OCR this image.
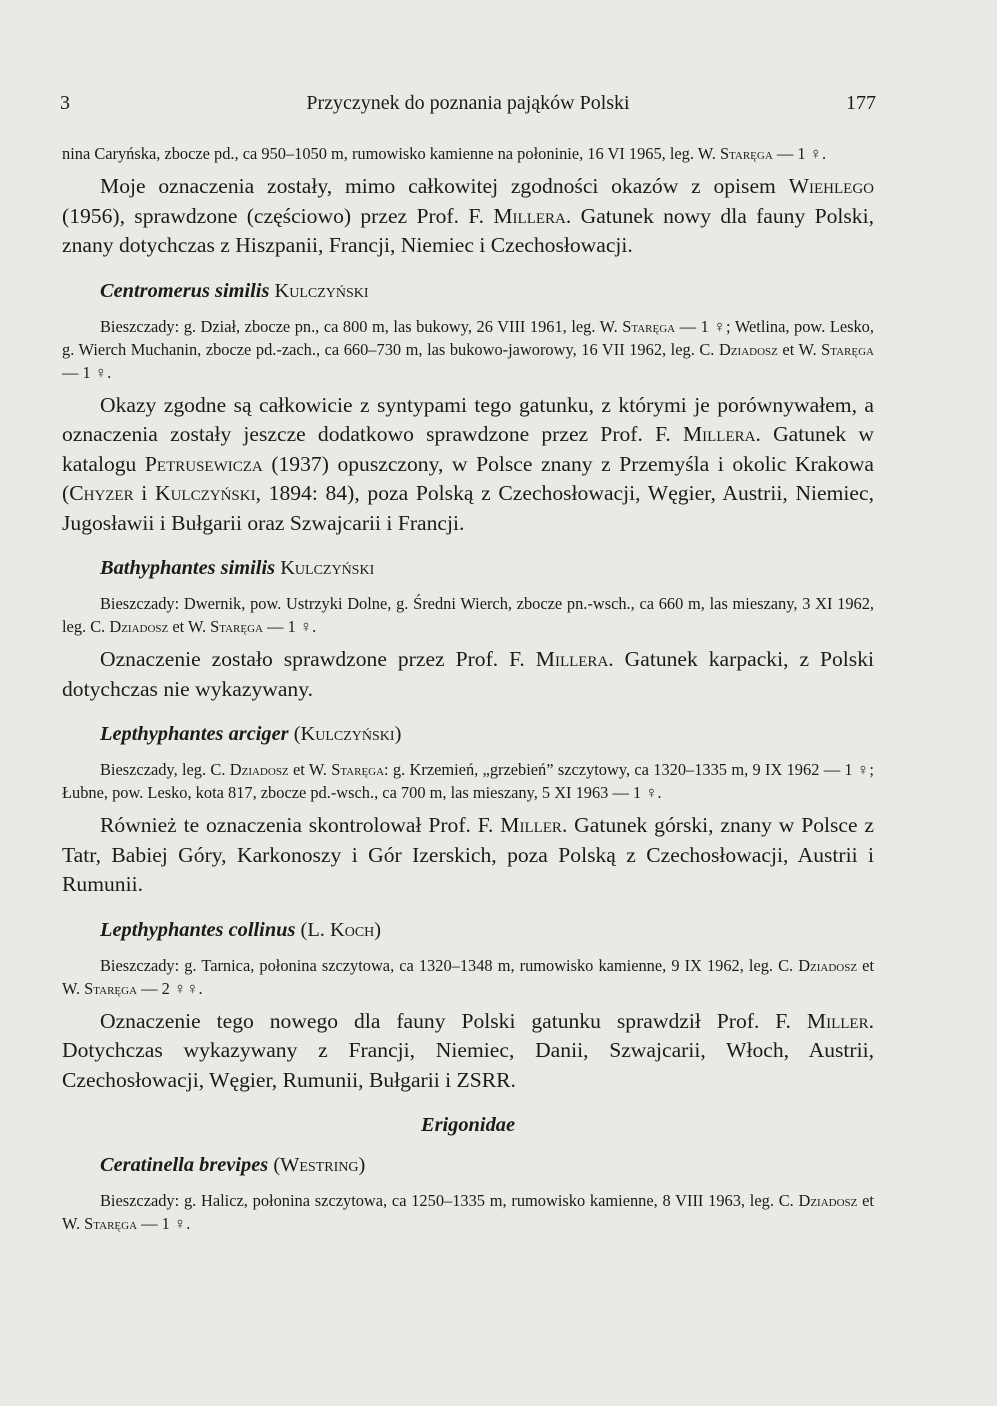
3	Przyczynek do poznania pająków Polski	177

nina Caryńska, zbocze pd., ca 950–1050 m, rumowisko kamienne na połoninie, 16 VI 1965, leg. W. Staręga — 1 ♀.

Moje oznaczenia zostały, mimo całkowitej zgodności okazów z opisem Wiehlego (1956), sprawdzone (częściowo) przez Prof. F. Millera. Gatunek nowy dla fauny Polski, znany dotychczas z Hiszpanii, Francji, Niemiec i Czechosłowacji.

Centromerus similis Kulczyński

Bieszczady: g. Dział, zbocze pn., ca 800 m, las bukowy, 26 VIII 1961, leg. W. Staręga — 1 ♀; Wetlina, pow. Lesko, g. Wierch Muchanin, zbocze pd.-zach., ca 660–730 m, las bukowo-jaworowy, 16 VII 1962, leg. C. Dziadosz et W. Staręga — 1 ♀.

Okazy zgodne są całkowicie z syntypami tego gatunku, z którymi je porównywałem, a oznaczenia zostały jeszcze dodatkowo sprawdzone przez Prof. F. Millera. Gatunek w katalogu Petrusewicza (1937) opuszczony, w Polsce znany z Przemyśla i okolic Krakowa (Chyzer i Kulczyński, 1894: 84), poza Polską z Czechosłowacji, Węgier, Austrii, Niemiec, Jugosławii i Bułgarii oraz Szwajcarii i Francji.

Bathyphantes similis Kulczyński

Bieszczady: Dwernik, pow. Ustrzyki Dolne, g. Średni Wierch, zbocze pn.-wsch., ca 660 m, las mieszany, 3 XI 1962, leg. C. Dziadosz et W. Staręga — 1 ♀.

Oznaczenie zostało sprawdzone przez Prof. F. Millera. Gatunek karpacki, z Polski dotychczas nie wykazywany.

Lepthyphantes arciger (Kulczyński)

Bieszczady, leg. C. Dziadosz et W. Staręga: g. Krzemień, „grzebień” szczytowy, ca 1320–1335 m, 9 IX 1962 — 1 ♀; Łubne, pow. Lesko, kota 817, zbocze pd.-wsch., ca 700 m, las mieszany, 5 XI 1963 — 1 ♀.

Również te oznaczenia skontrolował Prof. F. Miller. Gatunek górski, znany w Polsce z Tatr, Babiej Góry, Karkonoszy i Gór Izerskich, poza Polską z Czechosłowacji, Austrii i Rumunii.

Lepthyphantes collinus (L. Koch)

Bieszczady: g. Tarnica, połonina szczytowa, ca 1320–1348 m, rumowisko kamienne, 9 IX 1962, leg. C. Dziadosz et W. Staręga — 2 ♀♀.

Oznaczenie tego nowego dla fauny Polski gatunku sprawdził Prof. F. Miller. Dotychczas wykazywany z Francji, Niemiec, Danii, Szwajcarii, Włoch, Austrii, Czechosłowacji, Węgier, Rumunii, Bułgarii i ZSRR.

Erigonidae

Ceratinella brevipes (Westring)

Bieszczady: g. Halicz, połonina szczytowa, ca 1250–1335 m, rumowisko kamienne, 8 VIII 1963, leg. C. Dziadosz et W. Staręga — 1 ♀.
